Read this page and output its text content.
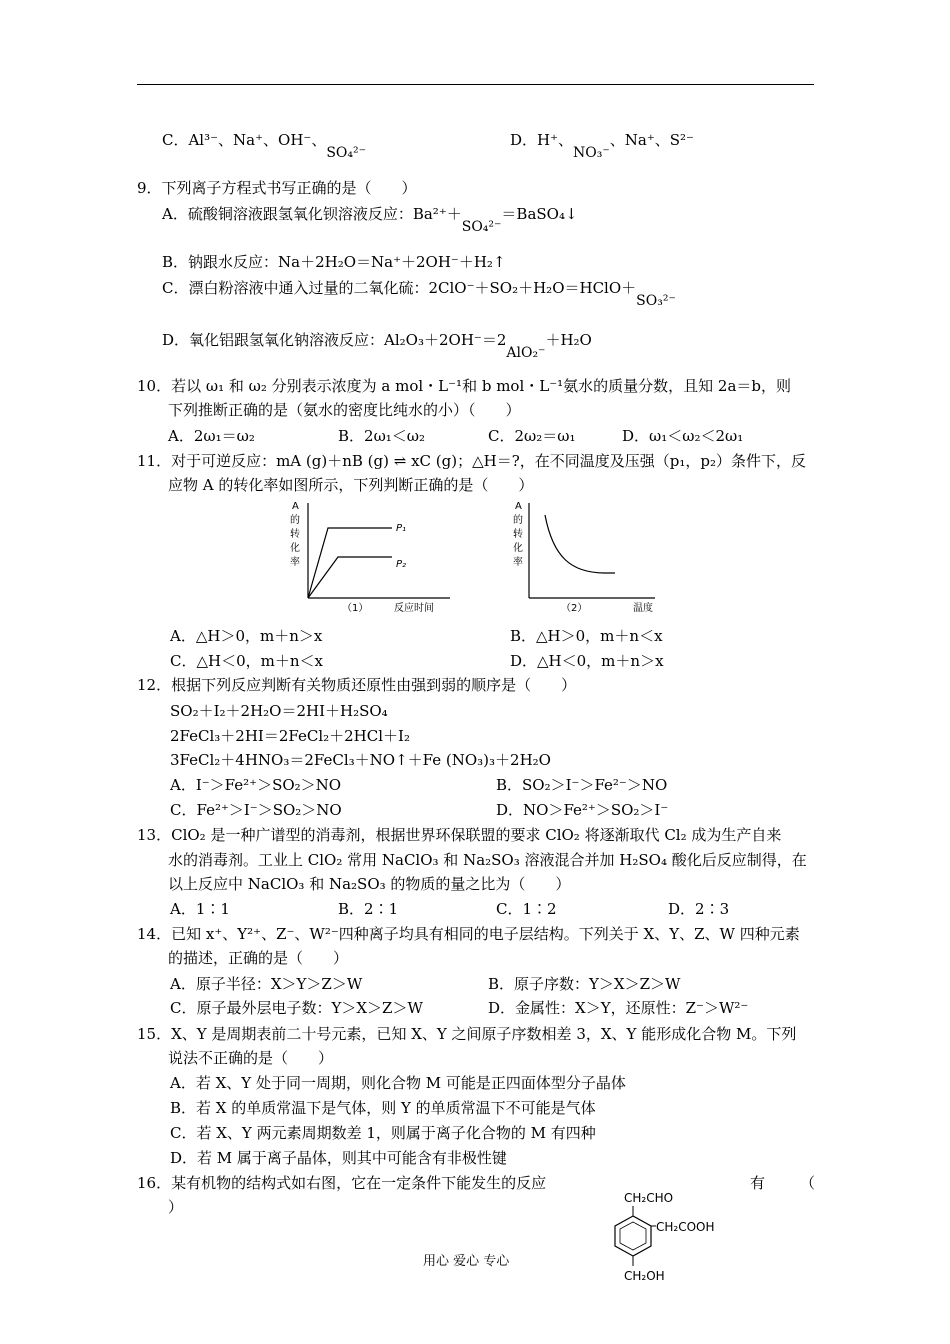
C．Al³⁻、Na⁺、OH⁻、SO₄²⁻
D．H⁺、NO₃⁻、Na⁺、S²⁻
9．下列离子方程式书写正确的是（　　）
A．硫酸铜溶液跟氢氧化钡溶液反应：Ba²⁺＋SO₄²⁻＝BaSO₄↓
B．钠跟水反应：Na＋2H₂O＝Na⁺＋2OH⁻＋H₂↑
C．漂白粉溶液中通入过量的二氧化硫：2ClO⁻＋SO₂＋H₂O＝HClO＋SO₃²⁻
D．氧化铝跟氢氧化钠溶液反应：Al₂O₃＋2OH⁻＝2AlO₂⁻＋H₂O
10．若以 ω₁ 和 ω₂ 分别表示浓度为 a mol・L⁻¹和 b mol・L⁻¹氨水的质量分数，且知 2a＝b，则
下列推断正确的是（氨水的密度比纯水的小）（　　）
A．2ω₁＝ω₂	B．2ω₁＜ω₂	C．2ω₂＝ω₁	D．ω₁＜ω₂＜2ω₁
11．对于可逆反应：mA (g)＋nB (g) ⇌ xC (g)；△H＝?，在不同温度及压强（p₁，p₂）条件下，反
应物 A 的转化率如图所示，下列判断正确的是（　　）
A
的
转
化
率
P₁
P₂
（1）	反应时间
A
的
转
化
率
（2）	温度
A．△H＞0，m＋n＞x	B．△H＞0，m＋n＜x
C．△H＜0，m＋n＜x	D．△H＜0，m＋n＞x
12．根据下列反应判断有关物质还原性由强到弱的顺序是（　　）
SO₂＋I₂＋2H₂O＝2HI＋H₂SO₄
2FeCl₃＋2HI＝2FeCl₂＋2HCl＋I₂
3FeCl₂＋4HNO₃＝2FeCl₃＋NO↑＋Fe (NO₃)₃＋2H₂O
A．I⁻＞Fe²⁺＞SO₂＞NO	B．SO₂＞I⁻＞Fe²⁻＞NO
C．Fe²⁺＞I⁻＞SO₂＞NO	D．NO＞Fe²⁺＞SO₂＞I⁻
13．ClO₂ 是一种广谱型的消毒剂，根据世界环保联盟的要求 ClO₂ 将逐渐取代 Cl₂ 成为生产自来
水的消毒剂。工业上 ClO₂ 常用 NaClO₃ 和 Na₂SO₃ 溶液混合并加 H₂SO₄ 酸化后反应制得，在
以上反应中 NaClO₃ 和 Na₂SO₃ 的物质的量之比为（　　）
A．1∶1	B．2∶1	C．1∶2	D．2∶3
14．已知 x⁺、Y²⁺、Z⁻、W²⁻四种离子均具有相同的电子层结构。下列关于 X、Y、Z、W 四种元素
的描述，正确的是（　　）
A．原子半径：X＞Y＞Z＞W	B．原子序数：Y＞X＞Z＞W
C．原子最外层电子数：Y＞X＞Z＞W	D．金属性：X＞Y，还原性：Z⁻＞W²⁻
15．X、Y 是周期表前二十号元素，已知 X、Y 之间原子序数相差 3，X、Y 能形成化合物 M。下列
说法不正确的是（　　）
A．若 X、Y 处于同一周期，则化合物 M 可能是正四面体型分子晶体
B．若 X 的单质常温下是气体，则 Y 的单质常温下不可能是气体
C．若 X、Y 两元素周期数差 1，则属于离子化合物的 M 有四种
D．若 M 属于离子晶体，则其中可能含有非极性键
16．某有机物的结构式如右图，它在一定条件下能发生的反应	有 （
）	CH₂CHO
CH₂COOH
CH₂OH
用心 爱心 专心
